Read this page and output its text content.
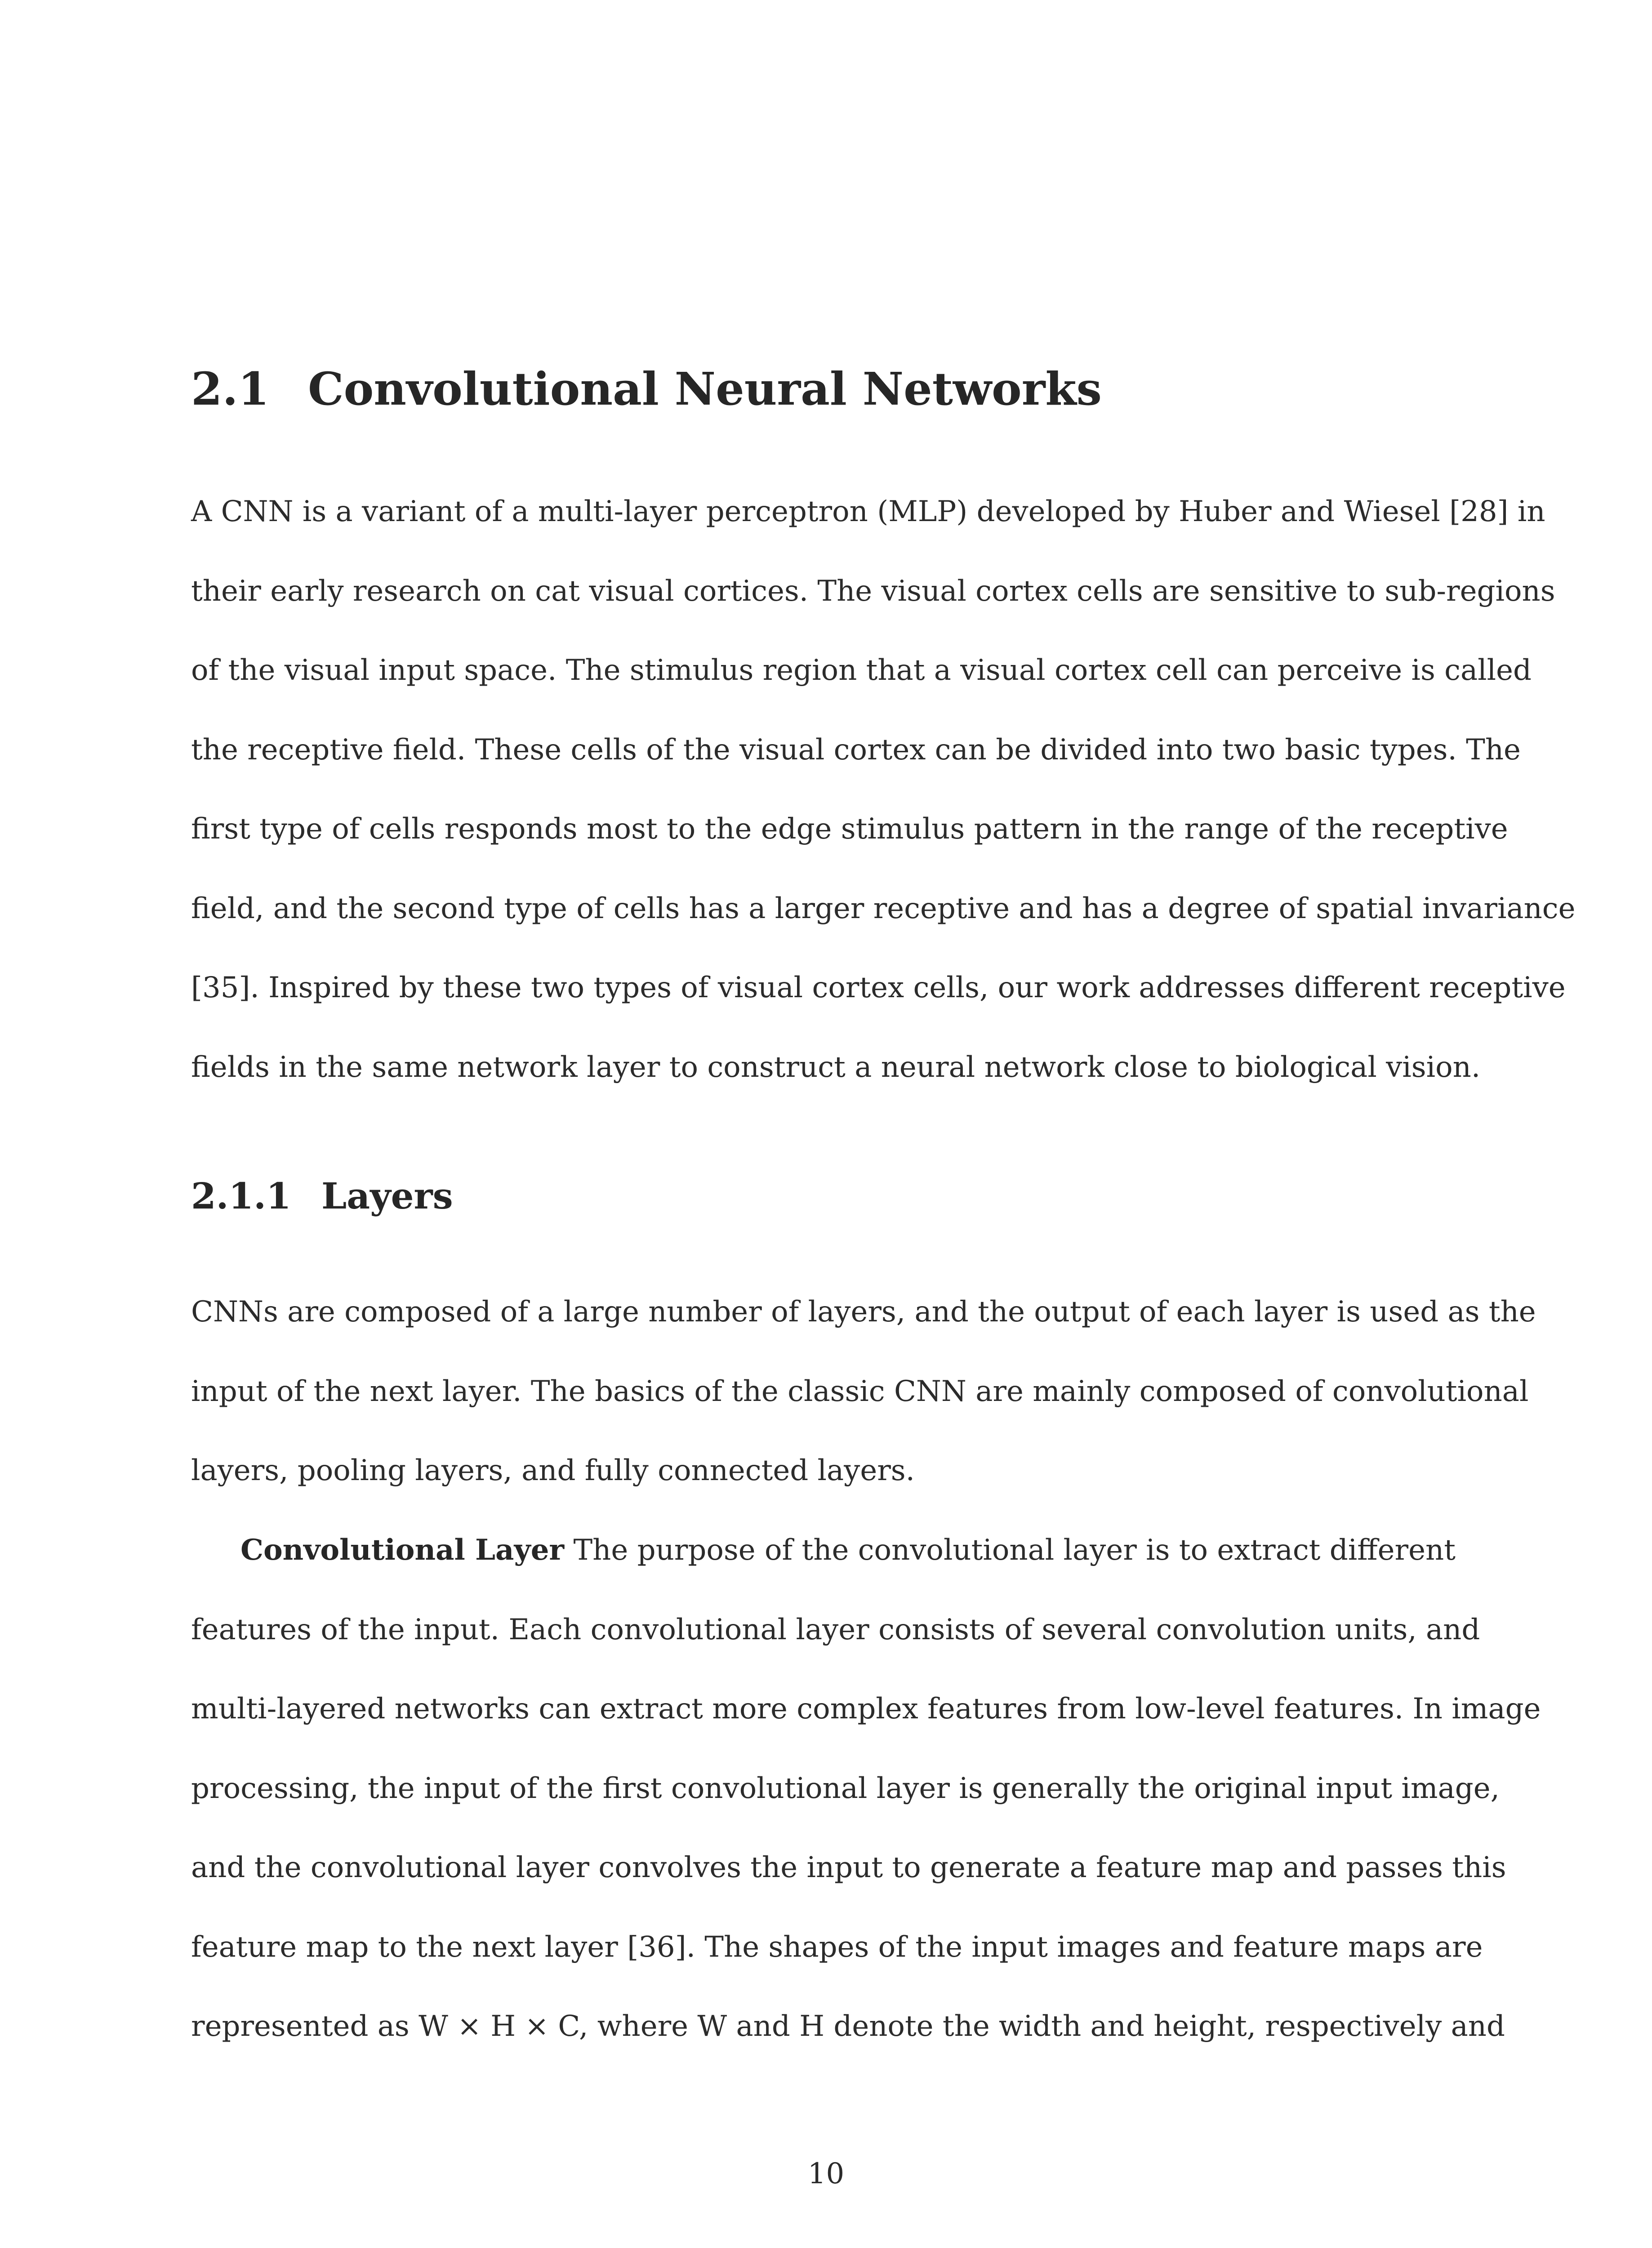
2.1 Convolutional Neural Networks
A CNN is a variant of a multi-layer perceptron (MLP) developed by Huber and Wiesel [28] in
their early research on cat visual cortices. The visual cortex cells are sensitive to sub-regions
of the visual input space. The stimulus region that a visual cortex cell can perceive is called
the receptive field. These cells of the visual cortex can be divided into two basic types. The
first type of cells responds most to the edge stimulus pattern in the range of the receptive
field, and the second type of cells has a larger receptive and has a degree of spatial invariance
[35]. Inspired by these two types of visual cortex cells, our work addresses different receptive
fields in the same network layer to construct a neural network close to biological vision.
2.1.1 Layers
CNNs are composed of a large number of layers, and the output of each layer is used as the
input of the next layer. The basics of the classic CNN are mainly composed of convolutional
layers, pooling layers, and fully connected layers.
Convolutional Layer The purpose of the convolutional layer is to extract different
features of the input. Each convolutional layer consists of several convolution units, and
multi-layered networks can extract more complex features from low-level features. In image
processing, the input of the first convolutional layer is generally the original input image,
and the convolutional layer convolves the input to generate a feature map and passes this
feature map to the next layer [36]. The shapes of the input images and feature maps are
represented as W × H × C, where W and H denote the width and height, respectively and
10
